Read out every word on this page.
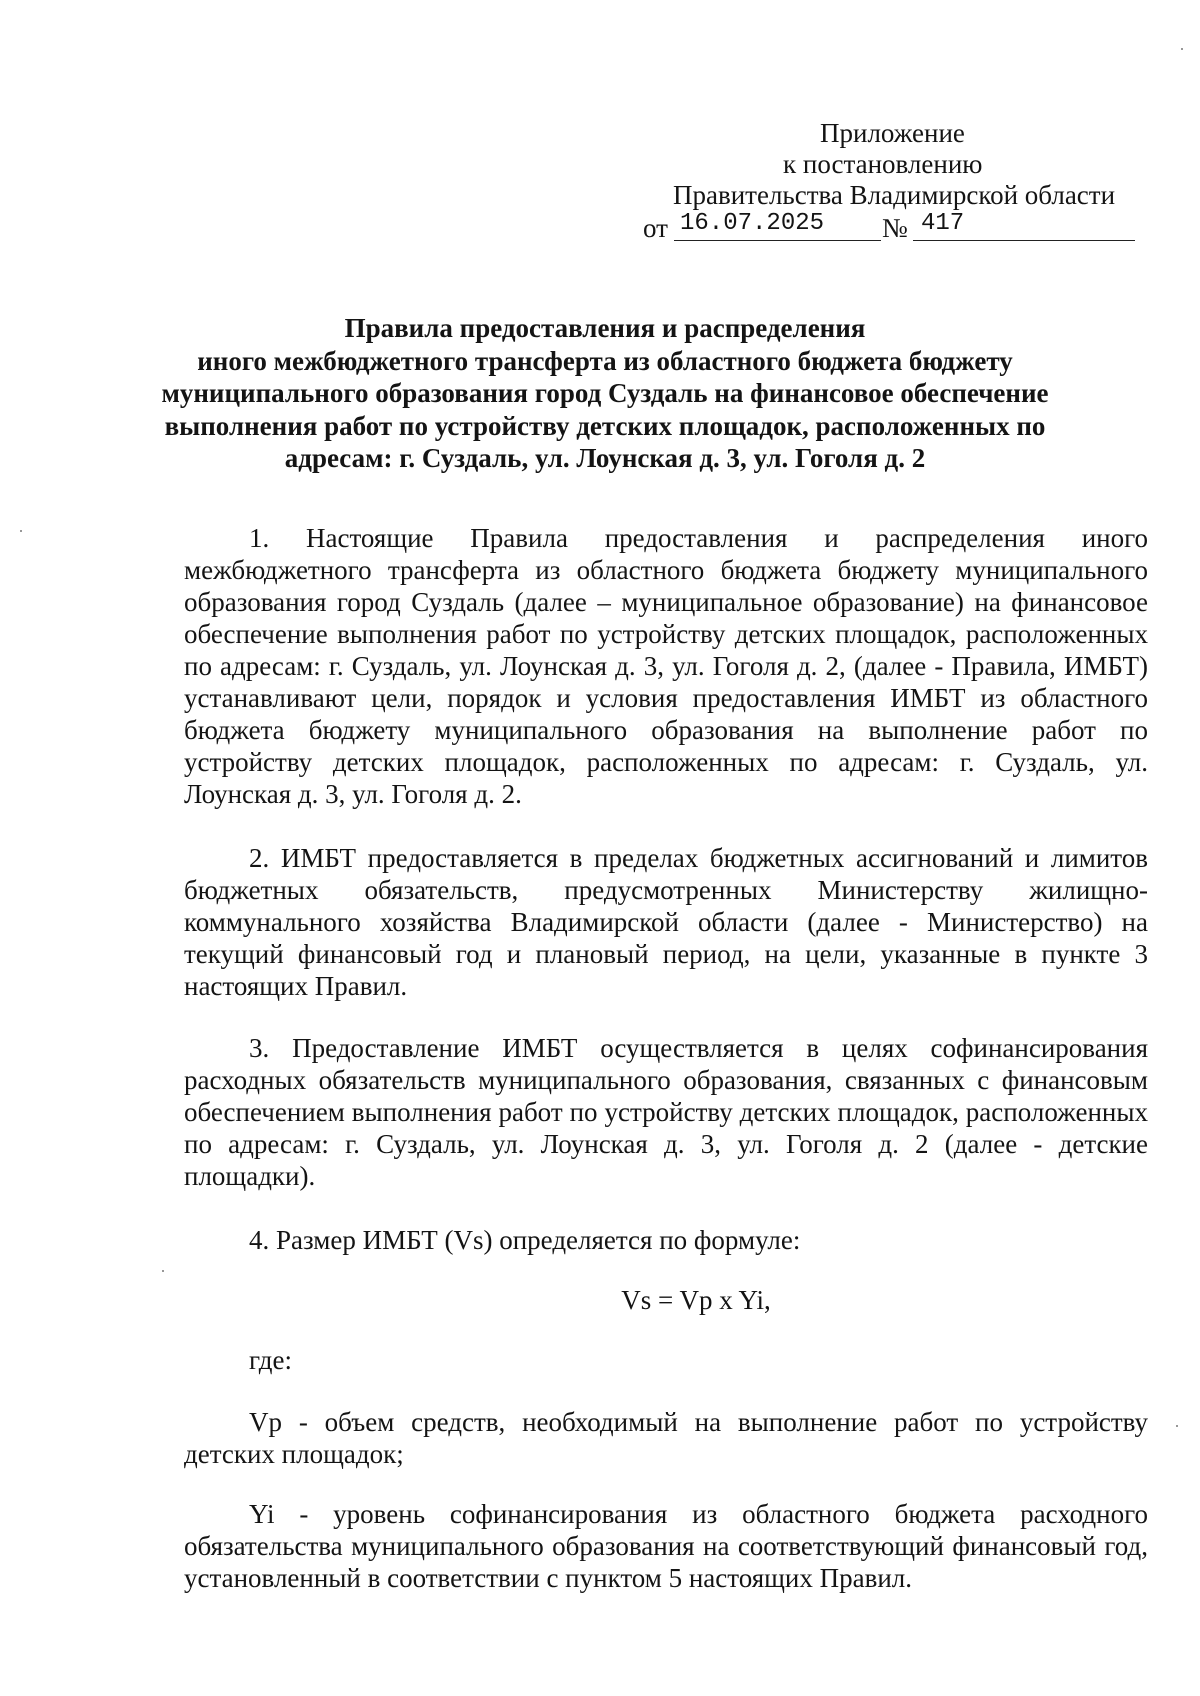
Приложение
к постановлению
Правительства Владимирской области
от 16.07.2025	№ 417
Правила предоставления и распределения
иного межбюджетного трансферта из областного бюджета бюджету
муниципального образования город Суздаль на финансовое обеспечение
выполнения работ по устройству детских площадок, расположенных по
адресам: г. Суздаль, ул. Лоунская д. 3, ул. Гоголя д. 2

1. Настоящие Правила предоставления и распределения иного межбюджетного трансферта из областного бюджета бюджету муниципального образования город Суздаль (далее – муниципальное образование) на финансовое обеспечение выполнения работ по устройству детских площадок, расположенных по адресам: г. Суздаль, ул. Лоунская д. 3, ул. Гоголя д. 2, (далее - Правила, ИМБТ) устанавливают цели, порядок и условия предоставления ИМБТ из областного бюджета бюджету муниципального образования на выполнение работ по устройству детских площадок, расположенных по адресам: г. Суздаль, ул. Лоунская д. 3, ул. Гоголя д. 2.

2. ИМБТ предоставляется в пределах бюджетных ассигнований и лимитов бюджетных обязательств, предусмотренных Министерству жилищно-коммунального хозяйства Владимирской области (далее - Министерство) на текущий финансовый год и плановый период, на цели, указанные в пункте 3 настоящих Правил.

3. Предоставление ИМБТ осуществляется в целях софинансирования расходных обязательств муниципального образования, связанных с финансовым обеспечением выполнения работ по устройству детских площадок, расположенных по адресам: г. Суздаль, ул. Лоунская д. 3, ул. Гоголя д. 2 (далее - детские площадки).

4. Размер ИМБТ (Vs) определяется по формуле:

Vs = Vp x Yi,
где:

Vp - объем средств, необходимый на выполнение работ по устройству детских площадок;

Yi - уровень софинансирования из областного бюджета расходного обязательства муниципального образования на соответствующий финансовый год, установленный в соответствии с пунктом 5 настоящих Правил.
